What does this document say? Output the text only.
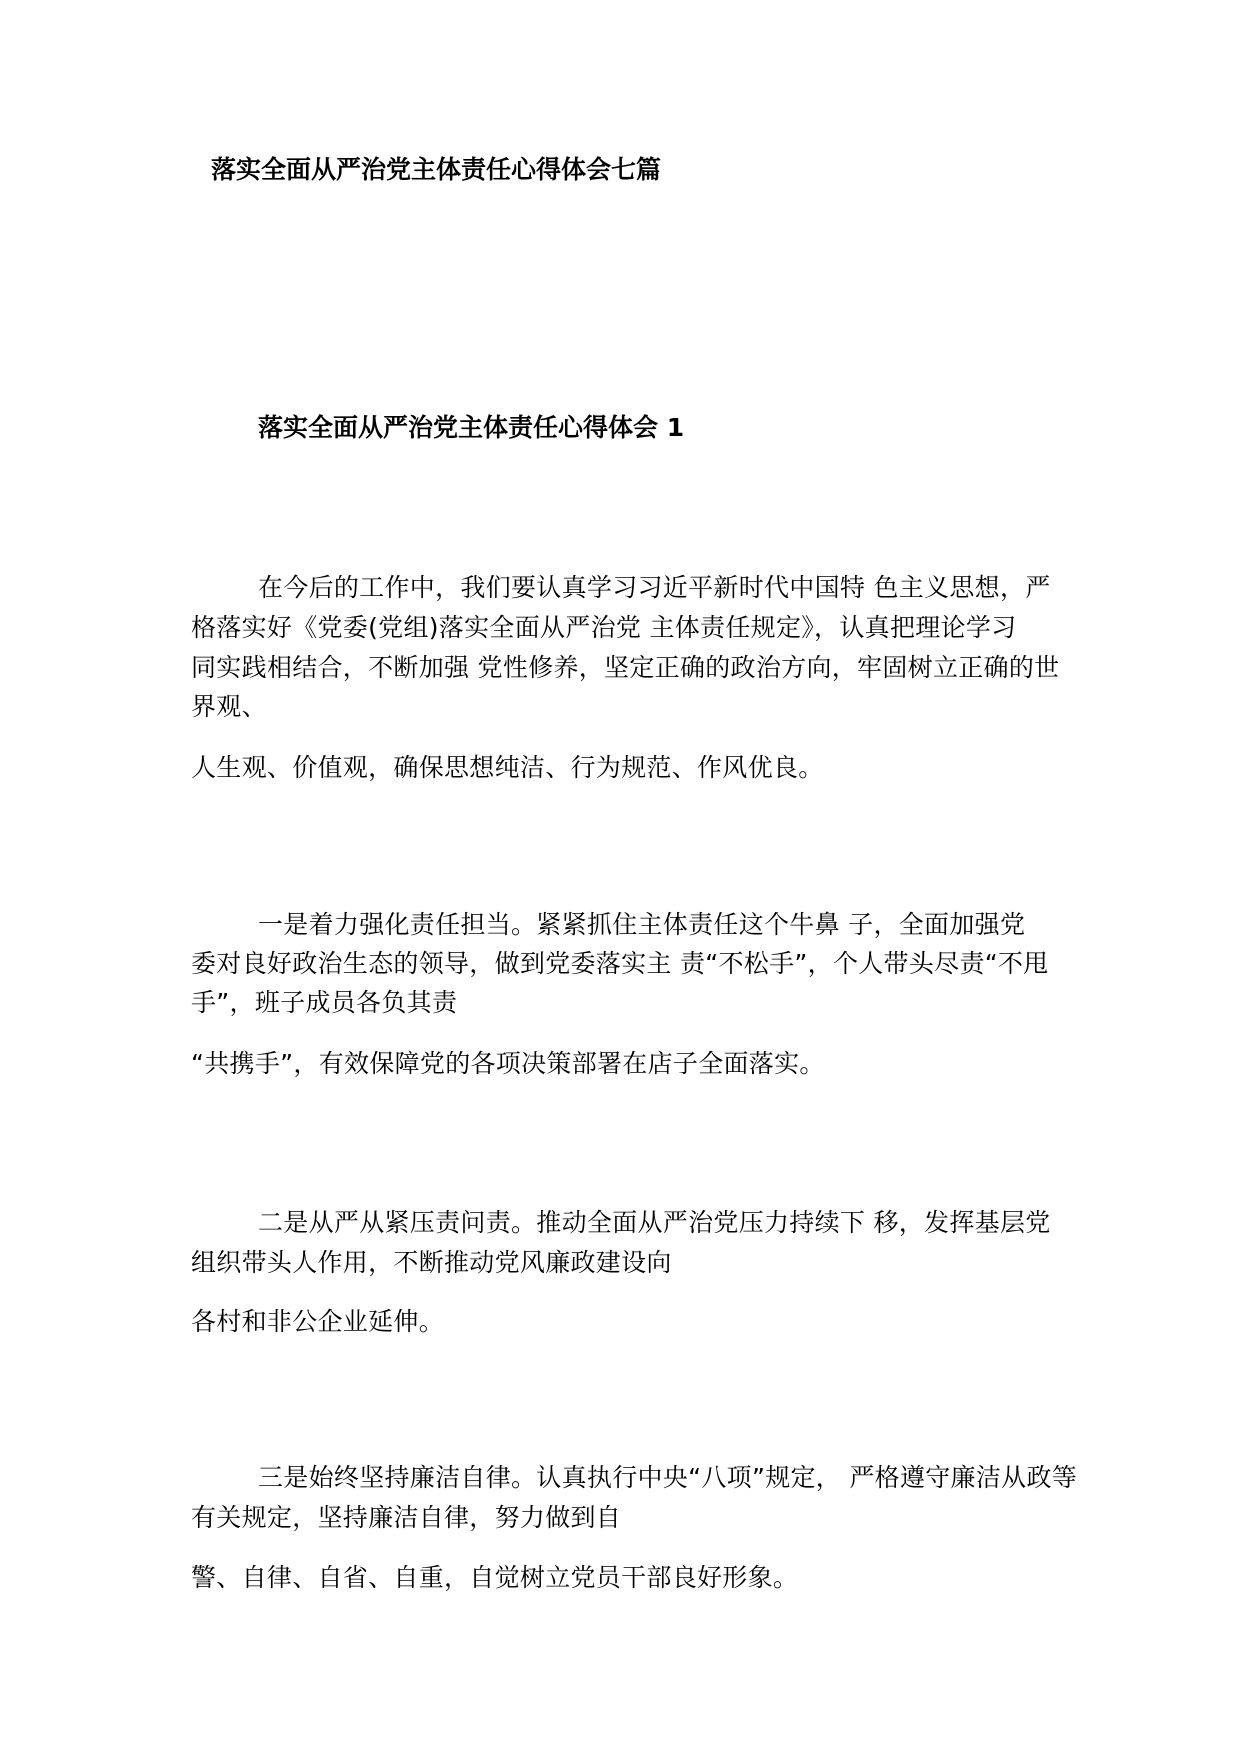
落实全面从严治党主体责任心得体会七篇
落实全面从严治党主体责任心得体会 1

在今后的工作中，我们要认真学习习近平新时代中国特 色主义思想，严

格落实好《党委(党组)落实全面从严治党 主体责任规定》，认真把理论学习

同实践相结合，不断加强 党性修养，坚定正确的政治方向，牢固树立正确的世

界观、

人生观、价值观，确保思想纯洁、行为规范、作风优良。

一是着力强化责任担当。紧紧抓住主体责任这个牛鼻 子，全面加强党

委对良好政治生态的领导，做到党委落实主 责“不松手”，个人带头尽责“不甩

手”，班子成员各负其责

“共携手”，有效保障党的各项决策部署在店子全面落实。

二是从严从紧压责问责。推动全面从严治党压力持续下 移，发挥基层党

组织带头人作用，不断推动党风廉政建设向

各村和非公企业延伸。

三是始终坚持廉洁自律。认真执行中央“八项”规定， 严格遵守廉洁从政等

有关规定，坚持廉洁自律，努力做到自

警、自律、自省、自重，自觉树立党员干部良好形象。
